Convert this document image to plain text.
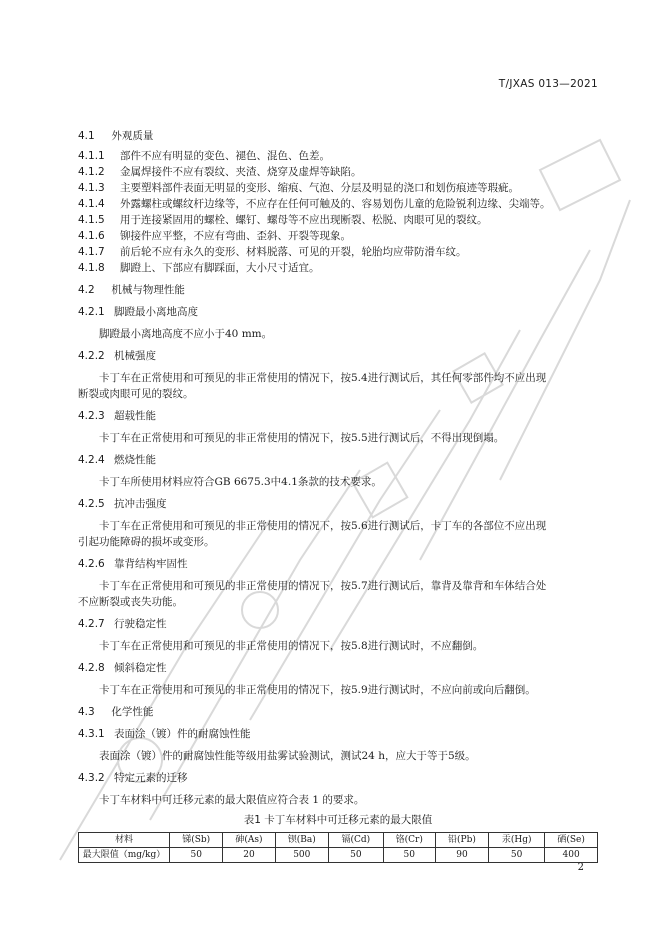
T/JXAS 013—2021
4.1 外观质量
4.1.1	部件不应有明显的变色、褪色、混色、色差。
4.1.2	金属焊接件不应有裂纹、夹渣、烧穿及虚焊等缺陷。
4.1.3	主要塑料部件表面无明显的变形、缩痕、气泡、分层及明显的浇口和划伤痕迹等瑕疵。
4.1.4	外露螺柱或螺纹杆边缘等，不应存在任何可触及的、容易划伤儿童的危险锐利边缘、尖端等。
4.1.5	用于连接紧固用的螺栓、螺钉、螺母等不应出现断裂、松脱、肉眼可见的裂纹。
4.1.6	铆接件应平整，不应有弯曲、歪斜、开裂等现象。
4.1.7	前后轮不应有永久的变形、材料脱落、可见的开裂，轮胎均应带防滑车纹。
4.1.8	脚蹬上、下部应有脚踩面，大小尺寸适宜。
4.2 机械与物理性能
4.2.1 脚蹬最小离地高度

脚蹬最小离地高度不应小于40 mm。

4.2.2 机械强度

卡丁车在正常使用和可预见的非正常使用的情况下，按5.4进行测试后，其任何零部件均不应出现

断裂或肉眼可见的裂纹。

4.2.3 超载性能

卡丁车在正常使用和可预见的非正常使用的情况下，按5.5进行测试后，不得出现倒塌。

4.2.4 燃烧性能

卡丁车所使用材料应符合GB 6675.3中4.1条款的技术要求。

4.2.5 抗冲击强度

卡丁车在正常使用和可预见的非正常使用的情况下，按5.6进行测试后，卡丁车的各部位不应出现

引起功能障碍的损坏或变形。

4.2.6 靠背结构牢固性

卡丁车在正常使用和可预见的非正常使用的情况下，按5.7进行测试后，靠背及靠背和车体结合处

不应断裂或丧失功能。

4.2.7 行驶稳定性

卡丁车在正常使用和可预见的非正常使用的情况下，按5.8进行测试时，不应翻倒。

4.2.8 倾斜稳定性

卡丁车在正常使用和可预见的非正常使用的情况下，按5.9进行测试时，不应向前或向后翻倒。

4.3 化学性能
4.3.1 表面涂（镀）件的耐腐蚀性能

表面涂（镀）件的耐腐蚀性能等级用盐雾试验测试，测试24 h，应大于等于5级。

4.3.2 特定元素的迁移

卡丁车材料中可迁移元素的最大限值应符合表 1 的要求。

表1 卡丁车材料中可迁移元素的最大限值
材料	锑(Sb)	砷(As)	钡(Ba)	镉(Cd)	铬(Cr)	铅(Pb)	汞(Hg)	硒(Se)
最大限值（mg/kg）	50	20	500	50	50	90	50	400
2
